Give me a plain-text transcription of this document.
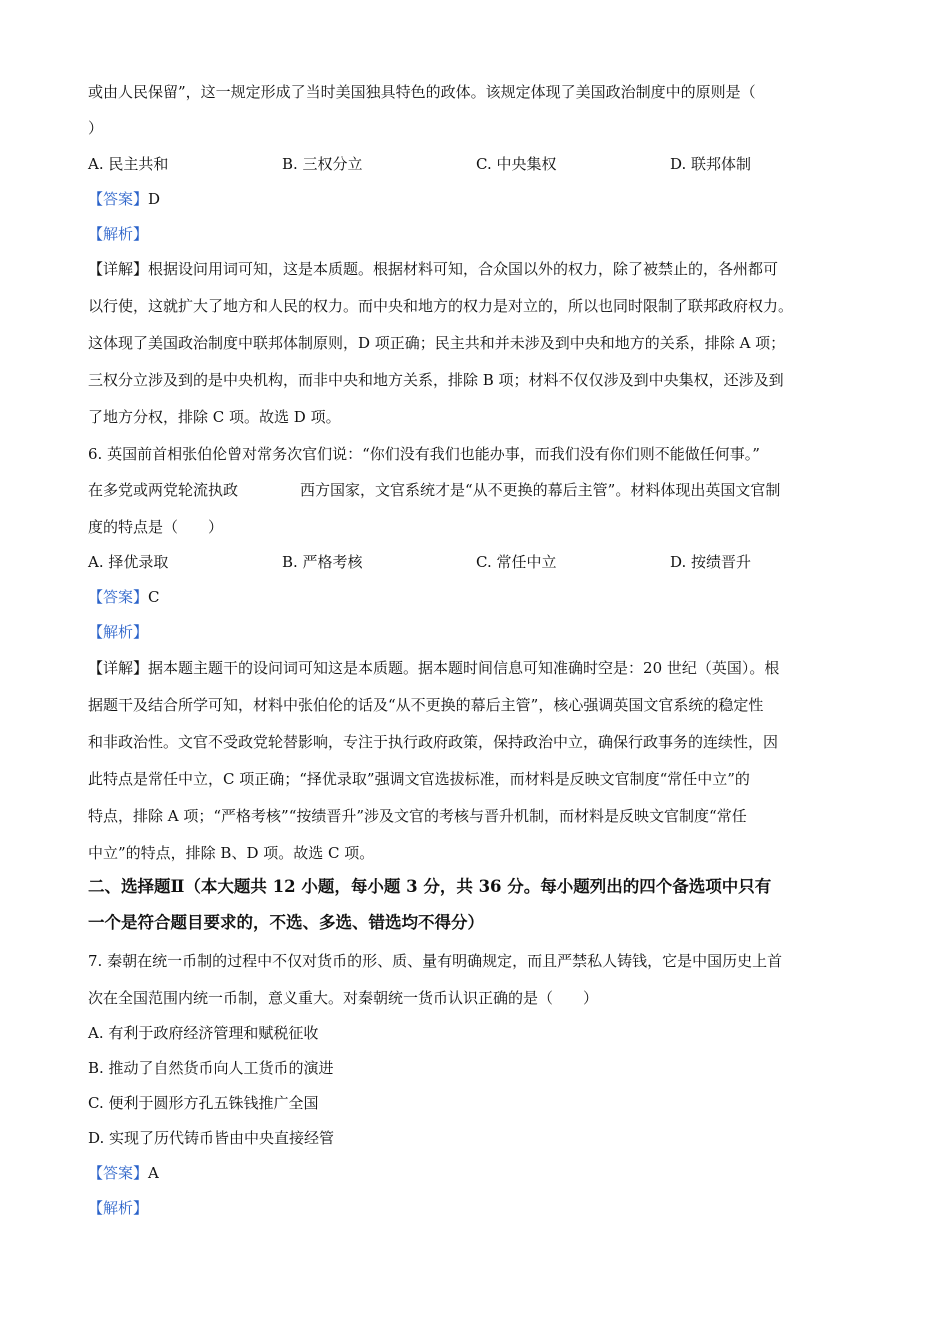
或由人民保留”，这一规定形成了当时美国独具特色的政体。该规定体现了美国政治制度中的原则是（
）
A. 民主共和	B. 三权分立	C. 中央集权	D. 联邦体制
【答案】D
【解析】
【详解】根据设问用词可知，这是本质题。根据材料可知，合众国以外的权力，除了被禁止的，各州都可
以行使，这就扩大了地方和人民的权力。而中央和地方的权力是对立的，所以也同时限制了联邦政府权力。
这体现了美国政治制度中联邦体制原则，D 项正确；民主共和并未涉及到中央和地方的关系，排除 A 项；
三权分立涉及到的是中央机构，而非中央和地方关系，排除 B 项；材料不仅仅涉及到中央集权，还涉及到
了地方分权，排除 C 项。故选 D 项。
6. 英国前首相张伯伦曾对常务次官们说：“你们没有我们也能办事，而我们没有你们则不能做任何事。”
在多党或两党轮流执政	西方国家，文官系统才是“从不更换的幕后主管”。材料体现出英国文官制
度的特点是（　　）
A. 择优录取	B. 严格考核	C. 常任中立	D. 按绩晋升
【答案】C
【解析】
【详解】据本题主题干的设问词可知这是本质题。据本题时间信息可知准确时空是：20 世纪（英国）。根
据题干及结合所学可知，材料中张伯伦的话及“从不更换的幕后主管”，核心强调英国文官系统的稳定性
和非政治性。文官不受政党轮替影响，专注于执行政府政策，保持政治中立，确保行政事务的连续性，因
此特点是常任中立，C 项正确；“择优录取”强调文官选拔标准，而材料是反映文官制度“常任中立”的
特点，排除 A 项；“严格考核”“按绩晋升”涉及文官的考核与晋升机制，而材料是反映文官制度“常任
中立”的特点，排除 B、D 项。故选 C 项。
二、选择题Ⅱ（本大题共 12 小题，每小题 3 分，共 36 分。每小题列出的四个备选项中只有
一个是符合题目要求的，不选、多选、错选均不得分）
7. 秦朝在统一币制的过程中不仅对货币的形、质、量有明确规定，而且严禁私人铸钱，它是中国历史上首
次在全国范围内统一币制，意义重大。对秦朝统一货币认识正确的是（　　）
A. 有利于政府经济管理和赋税征收
B. 推动了自然货币向人工货币的演进
C. 便利于圆形方孔五铢钱推广全国
D. 实现了历代铸币皆由中央直接经管
【答案】A
【解析】
